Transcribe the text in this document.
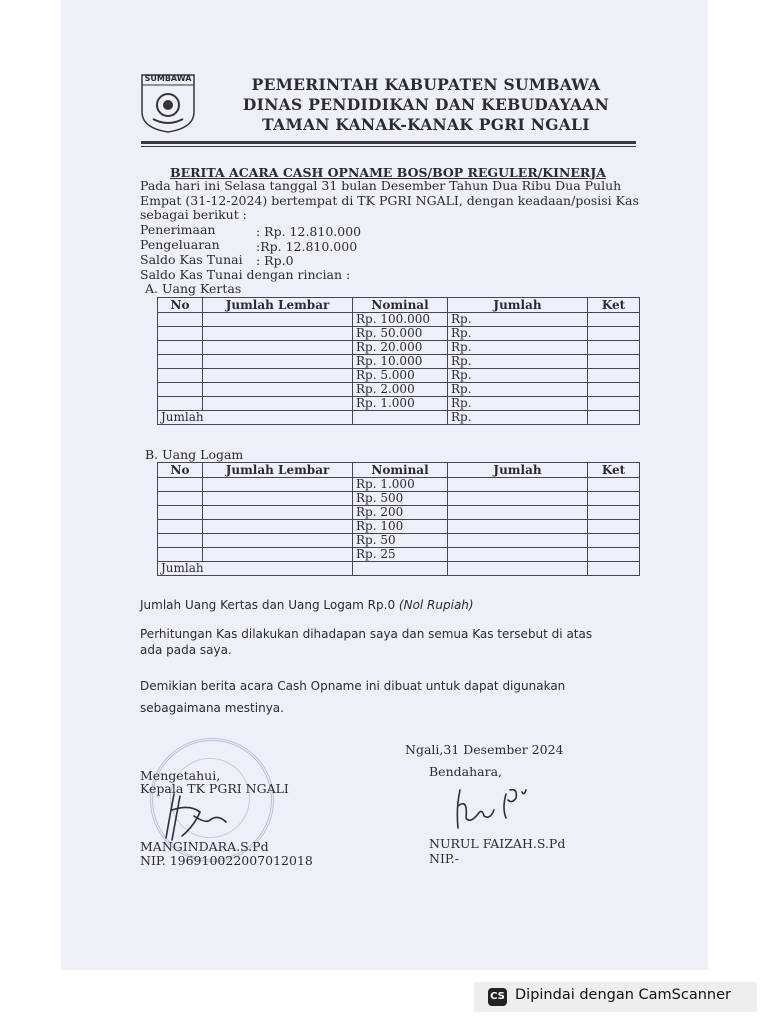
SUMBAWA	PEMERINTAH KABUPATEN SUMBAWA
DINAS PENDIDIKAN DAN KEBUDAYAAN
TAMAN KANAK-KANAK PGRI NGALI
BERITA ACARA CASH OPNAME BOS/BOP REGULER/KINERJA
Pada hari ini Selasa tanggal 31 bulan Desember Tahun Dua Ribu Dua Puluh
Empat (31-12-2024) bertempat di TK PGRI NGALI, dengan keadaan/posisi Kas
sebagai berikut :
Penerimaan	: Rp. 12.810.000
Pengeluaran	:Rp. 12.810.000
Saldo Kas Tunai : Rp.0
Saldo Kas Tunai dengan rincian :
A. Uang Kertas
No	Jumlah Lembar	Nominal	Jumlah	Ket
		Rp. 100.000	Rp.	
		Rp. 50.000	Rp.	
		Rp. 20.000	Rp.	
		Rp. 10.000	Rp.	
		Rp. 5.000	Rp.	
		Rp. 2.000	Rp.	
		Rp. 1.000	Rp.	
Jumlah			Rp.	
B. Uang Logam
No	Jumlah Lembar	Nominal	Jumlah	Ket
		Rp. 1.000		
		Rp. 500		
		Rp. 200		
		Rp. 100		
		Rp. 50		
		Rp. 25		
Jumlah				
Jumlah Uang Kertas dan Uang Logam Rp.0 (Nol Rupiah)
Perhitungan Kas dilakukan dihadapan saya dan semua Kas tersebut di atas
ada pada saya.
Demikian berita acara Cash Opname ini dibuat untuk dapat digunakan
sebagaimana mestinya.
Ngali,31 Desember 2024
Bendahara,
Mengetahui,
Kepala TK PGRI NGALI
MANGINDARA.S.Pd
NIP. 196910022007012018
NURUL FAIZAH.S.Pd
NIP.-
CS Dipindai dengan CamScanner
